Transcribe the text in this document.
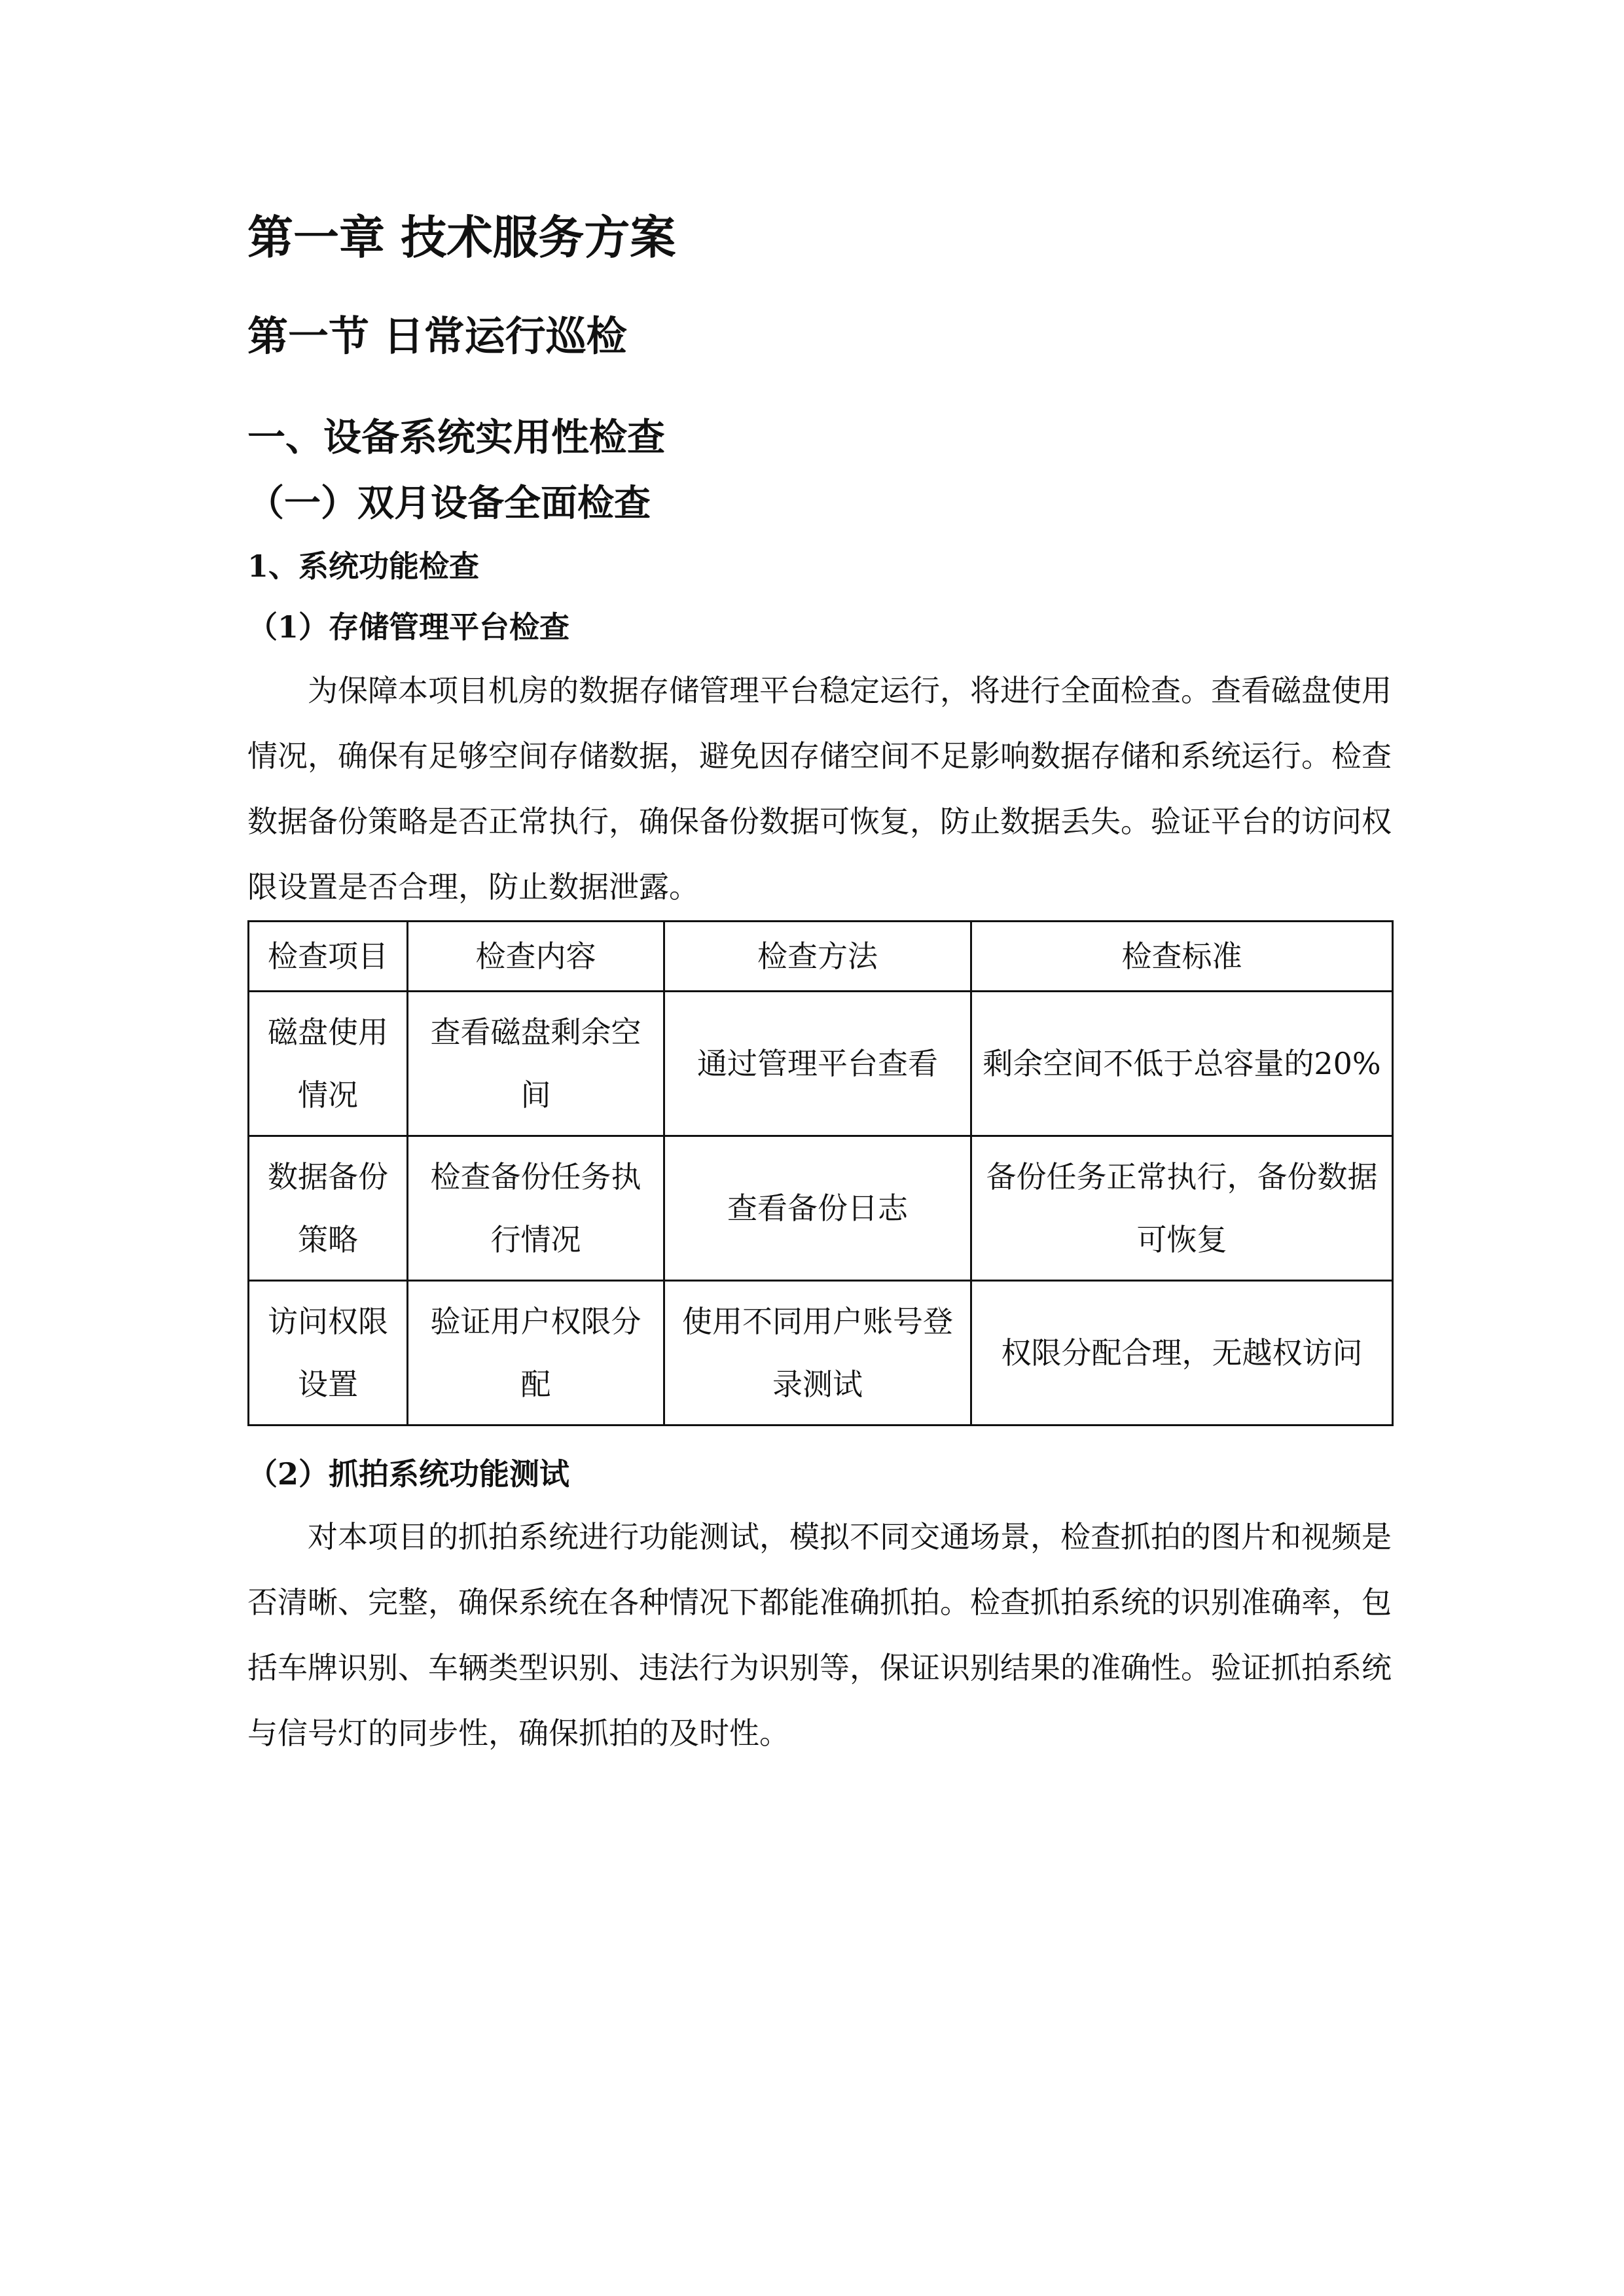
第一章 技术服务方案
第一节 日常运行巡检
一、设备系统实用性检查
（一）双月设备全面检查
1、系统功能检查
（1）存储管理平台检查

为保障本项目机房的数据存储管理平台稳定运行，将进行全面检查。查看磁盘使用情况，确保有足够空间存储数据，避免因存储空间不足影响数据存储和系统运行。检查数据备份策略是否正常执行，确保备份数据可恢复，防止数据丢失。验证平台的访问权限设置是否合理，防止数据泄露。

检查项目	检查内容	检查方法	检查标准
磁盘使用情况	查看磁盘剩余空间	通过管理平台查看	剩余空间不低于总容量的20%
数据备份策略	检查备份任务执行情况	查看备份日志	备份任务正常执行，备份数据可恢复
访问权限设置	验证用户权限分配	使用不同用户账号登录测试	权限分配合理，无越权访问
（2）抓拍系统功能测试

对本项目的抓拍系统进行功能测试，模拟不同交通场景，检查抓拍的图片和视频是否清晰、完整，确保系统在各种情况下都能准确抓拍。检查抓拍系统的识别准确率，包括车牌识别、车辆类型识别、违法行为识别等，保证识别结果的准确性。验证抓拍系统与信号灯的同步性，确保抓拍的及时性。
